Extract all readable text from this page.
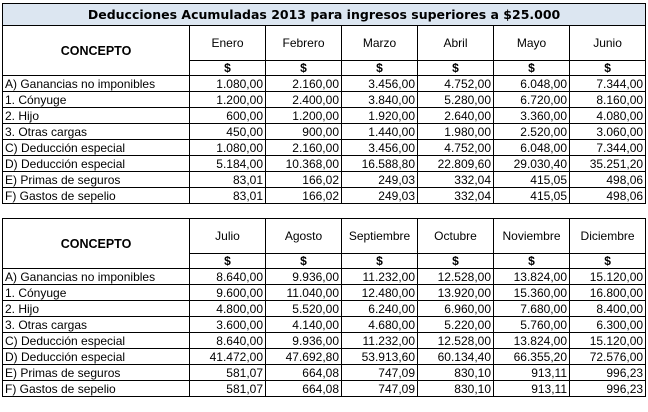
Deducciones Acumuladas 2013 para ingresos superiores a $25.000						
CONCEPTO	Enero	Febrero	Marzo	Abril	Mayo	Junio
	$	$	$	$	$	$
A) Ganancias no imponibles	1.080,00	2.160,00	3.456,00	4.752,00	6.048,00	7.344,00
1. Cónyuge	1.200,00	2.400,00	3.840,00	5.280,00	6.720,00	8.160,00
2. Hijo	600,00	1.200,00	1.920,00	2.640,00	3.360,00	4.080,00
3. Otras cargas	450,00	900,00	1.440,00	1.980,00	2.520,00	3.060,00
C) Deducción especial	1.080,00	2.160,00	3.456,00	4.752,00	6.048,00	7.344,00
D) Deducción especial	5.184,00	10.368,00	16.588,80	22.809,60	29.030,40	35.251,20
E) Primas de seguros	83,01	166,02	249,03	332,04	415,05	498,06
F) Gastos de sepelio	83,01	166,02	249,03	332,04	415,05	498,06

CONCEPTO	Julio	Agosto	Septiembre	Octubre	Noviembre	Diciembre
	$	$	$	$	$	$
A) Ganancias no imponibles	8.640,00	9.936,00	11.232,00	12.528,00	13.824,00	15.120,00
1. Cónyuge	9.600,00	11.040,00	12.480,00	13.920,00	15.360,00	16.800,00
2. Hijo	4.800,00	5.520,00	6.240,00	6.960,00	7.680,00	8.400,00
3. Otras cargas	3.600,00	4.140,00	4.680,00	5.220,00	5.760,00	6.300,00
C) Deducción especial	8.640,00	9.936,00	11.232,00	12.528,00	13.824,00	15.120,00
D) Deducción especial	41.472,00	47.692,80	53.913,60	60.134,40	66.355,20	72.576,00
E) Primas de seguros	581,07	664,08	747,09	830,10	913,11	996,23
F) Gastos de sepelio	581,07	664,08	747,09	830,10	913,11	996,23
